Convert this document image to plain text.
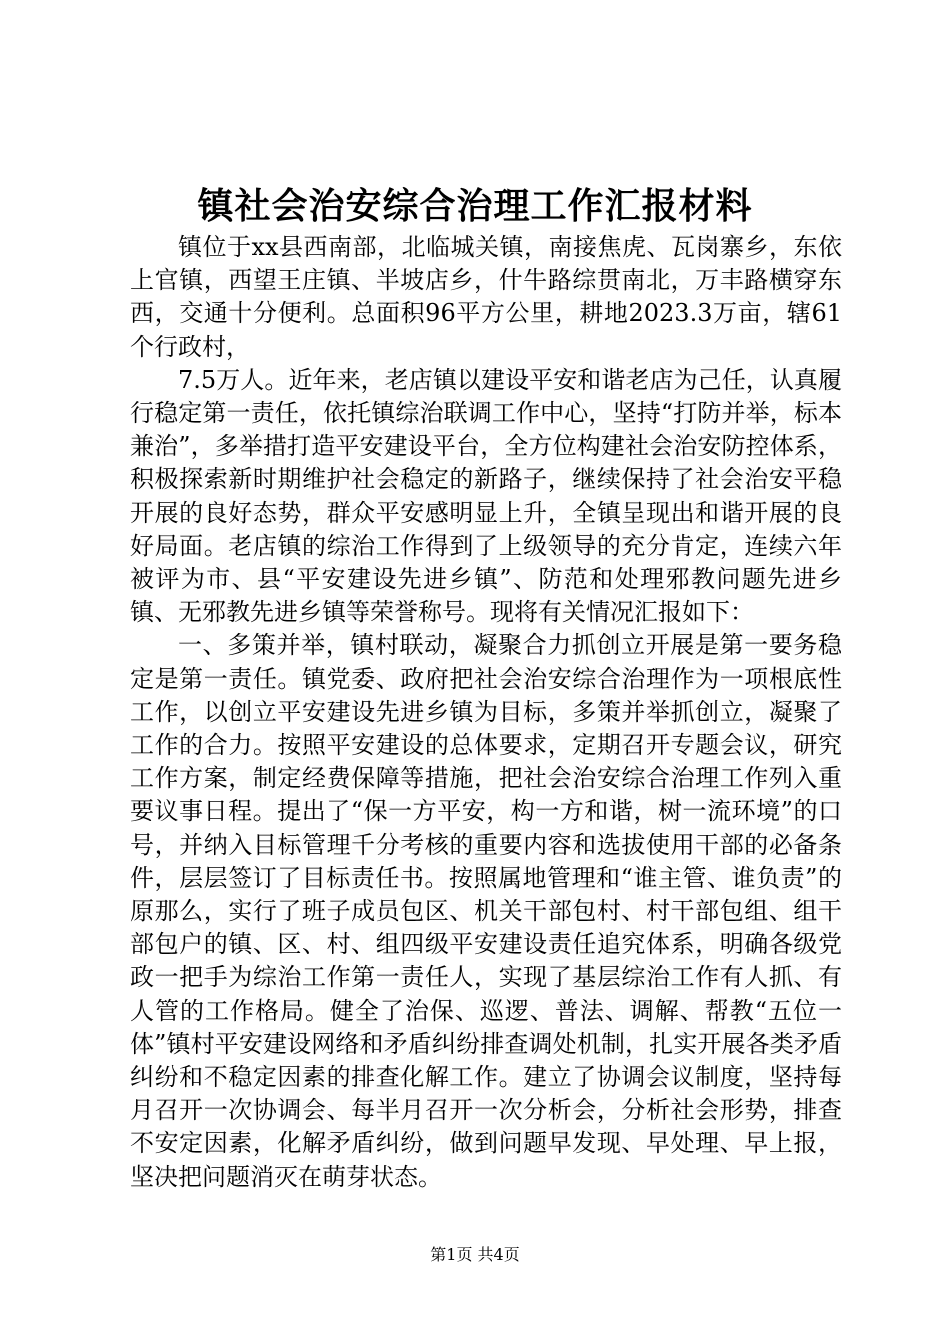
镇社会治安综合治理工作汇报材料

镇位于xx县西南部，北临城关镇，南接焦虎、瓦岗寨乡，东依上官镇，西望王庄镇、半坡店乡，什牛路综贯南北，万丰路横穿东西，交通十分便利。总面积96平方公里，耕地2023.3万亩，辖61个行政村，

7.5万人。近年来，老店镇以建设平安和谐老店为己任，认真履行稳定第一责任，依托镇综治联调工作中心，坚持“打防并举，标本兼治”，多举措打造平安建设平台，全方位构建社会治安防控体系，积极探索新时期维护社会稳定的新路子，继续保持了社会治安平稳开展的良好态势，群众平安感明显上升，全镇呈现出和谐开展的良好局面。老店镇的综治工作得到了上级领导的充分肯定，连续六年被评为市、县“平安建设先进乡镇”、防范和处理邪教问题先进乡镇、无邪教先进乡镇等荣誉称号。现将有关情况汇报如下：

一、多策并举，镇村联动，凝聚合力抓创立开展是第一要务稳定是第一责任。镇党委、政府把社会治安综合治理作为一项根底性工作，以创立平安建设先进乡镇为目标，多策并举抓创立，凝聚了工作的合力。按照平安建设的总体要求，定期召开专题会议，研究工作方案，制定经费保障等措施，把社会治安综合治理工作列入重要议事日程。提出了“保一方平安，构一方和谐，树一流环境”的口号，并纳入目标管理千分考核的重要内容和选拔使用干部的必备条件，层层签订了目标责任书。按照属地管理和“谁主管、谁负责”的原那么，实行了班子成员包区、机关干部包村、村干部包组、组干部包户的镇、区、村、组四级平安建设责任追究体系，明确各级党政一把手为综治工作第一责任人，实现了基层综治工作有人抓、有人管的工作格局。健全了治保、巡逻、普法、调解、帮教“五位一体”镇村平安建设网络和矛盾纠纷排查调处机制，扎实开展各类矛盾纠纷和不稳定因素的排查化解工作。建立了协调会议制度，坚持每月召开一次协调会、每半月召开一次分析会，分析社会形势，排查不安定因素，化解矛盾纠纷，做到问题早发现、早处理、早上报，坚决把问题消灭在萌芽状态。

第1页 共4页
